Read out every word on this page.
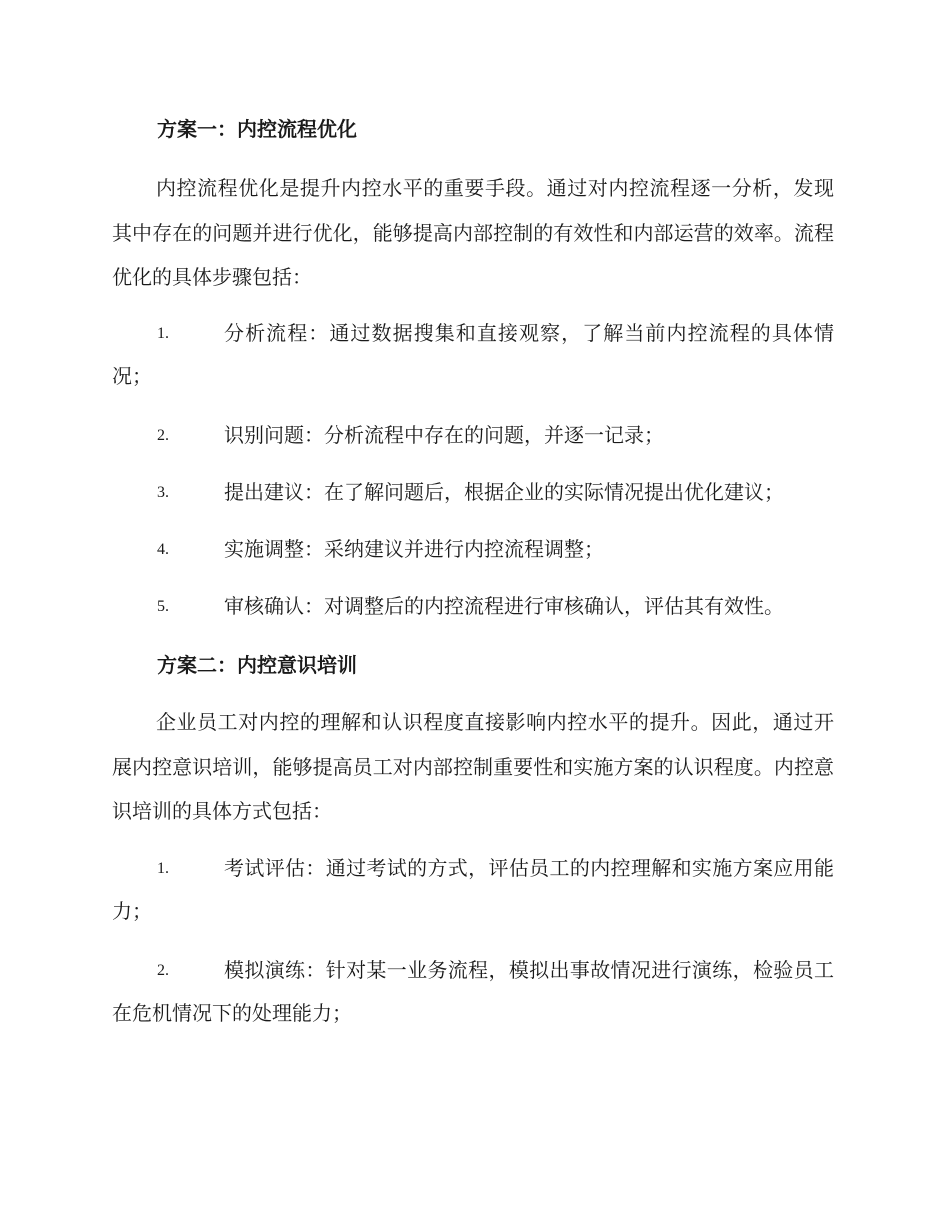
方案一：内控流程优化

内控流程优化是提升内控水平的重要手段。通过对内控流程逐一分析，发现其中存在的问题并进行优化，能够提高内部控制的有效性和内部运营的效率。流程优化的具体步骤包括：

1.	分析流程：通过数据搜集和直接观察，了解当前内控流程的具体情况；
2.	识别问题：分析流程中存在的问题，并逐一记录；
3.	提出建议：在了解问题后，根据企业的实际情况提出优化建议；
4.	实施调整：采纳建议并进行内控流程调整；
5.	审核确认：对调整后的内控流程进行审核确认，评估其有效性。
方案二：内控意识培训

企业员工对内控的理解和认识程度直接影响内控水平的提升。因此，通过开展内控意识培训，能够提高员工对内部控制重要性和实施方案的认识程度。内控意识培训的具体方式包括：

1.	考试评估：通过考试的方式，评估员工的内控理解和实施方案应用能力；
2.	模拟演练：针对某一业务流程，模拟出事故情况进行演练，检验员工在危机情况下的处理能力；
